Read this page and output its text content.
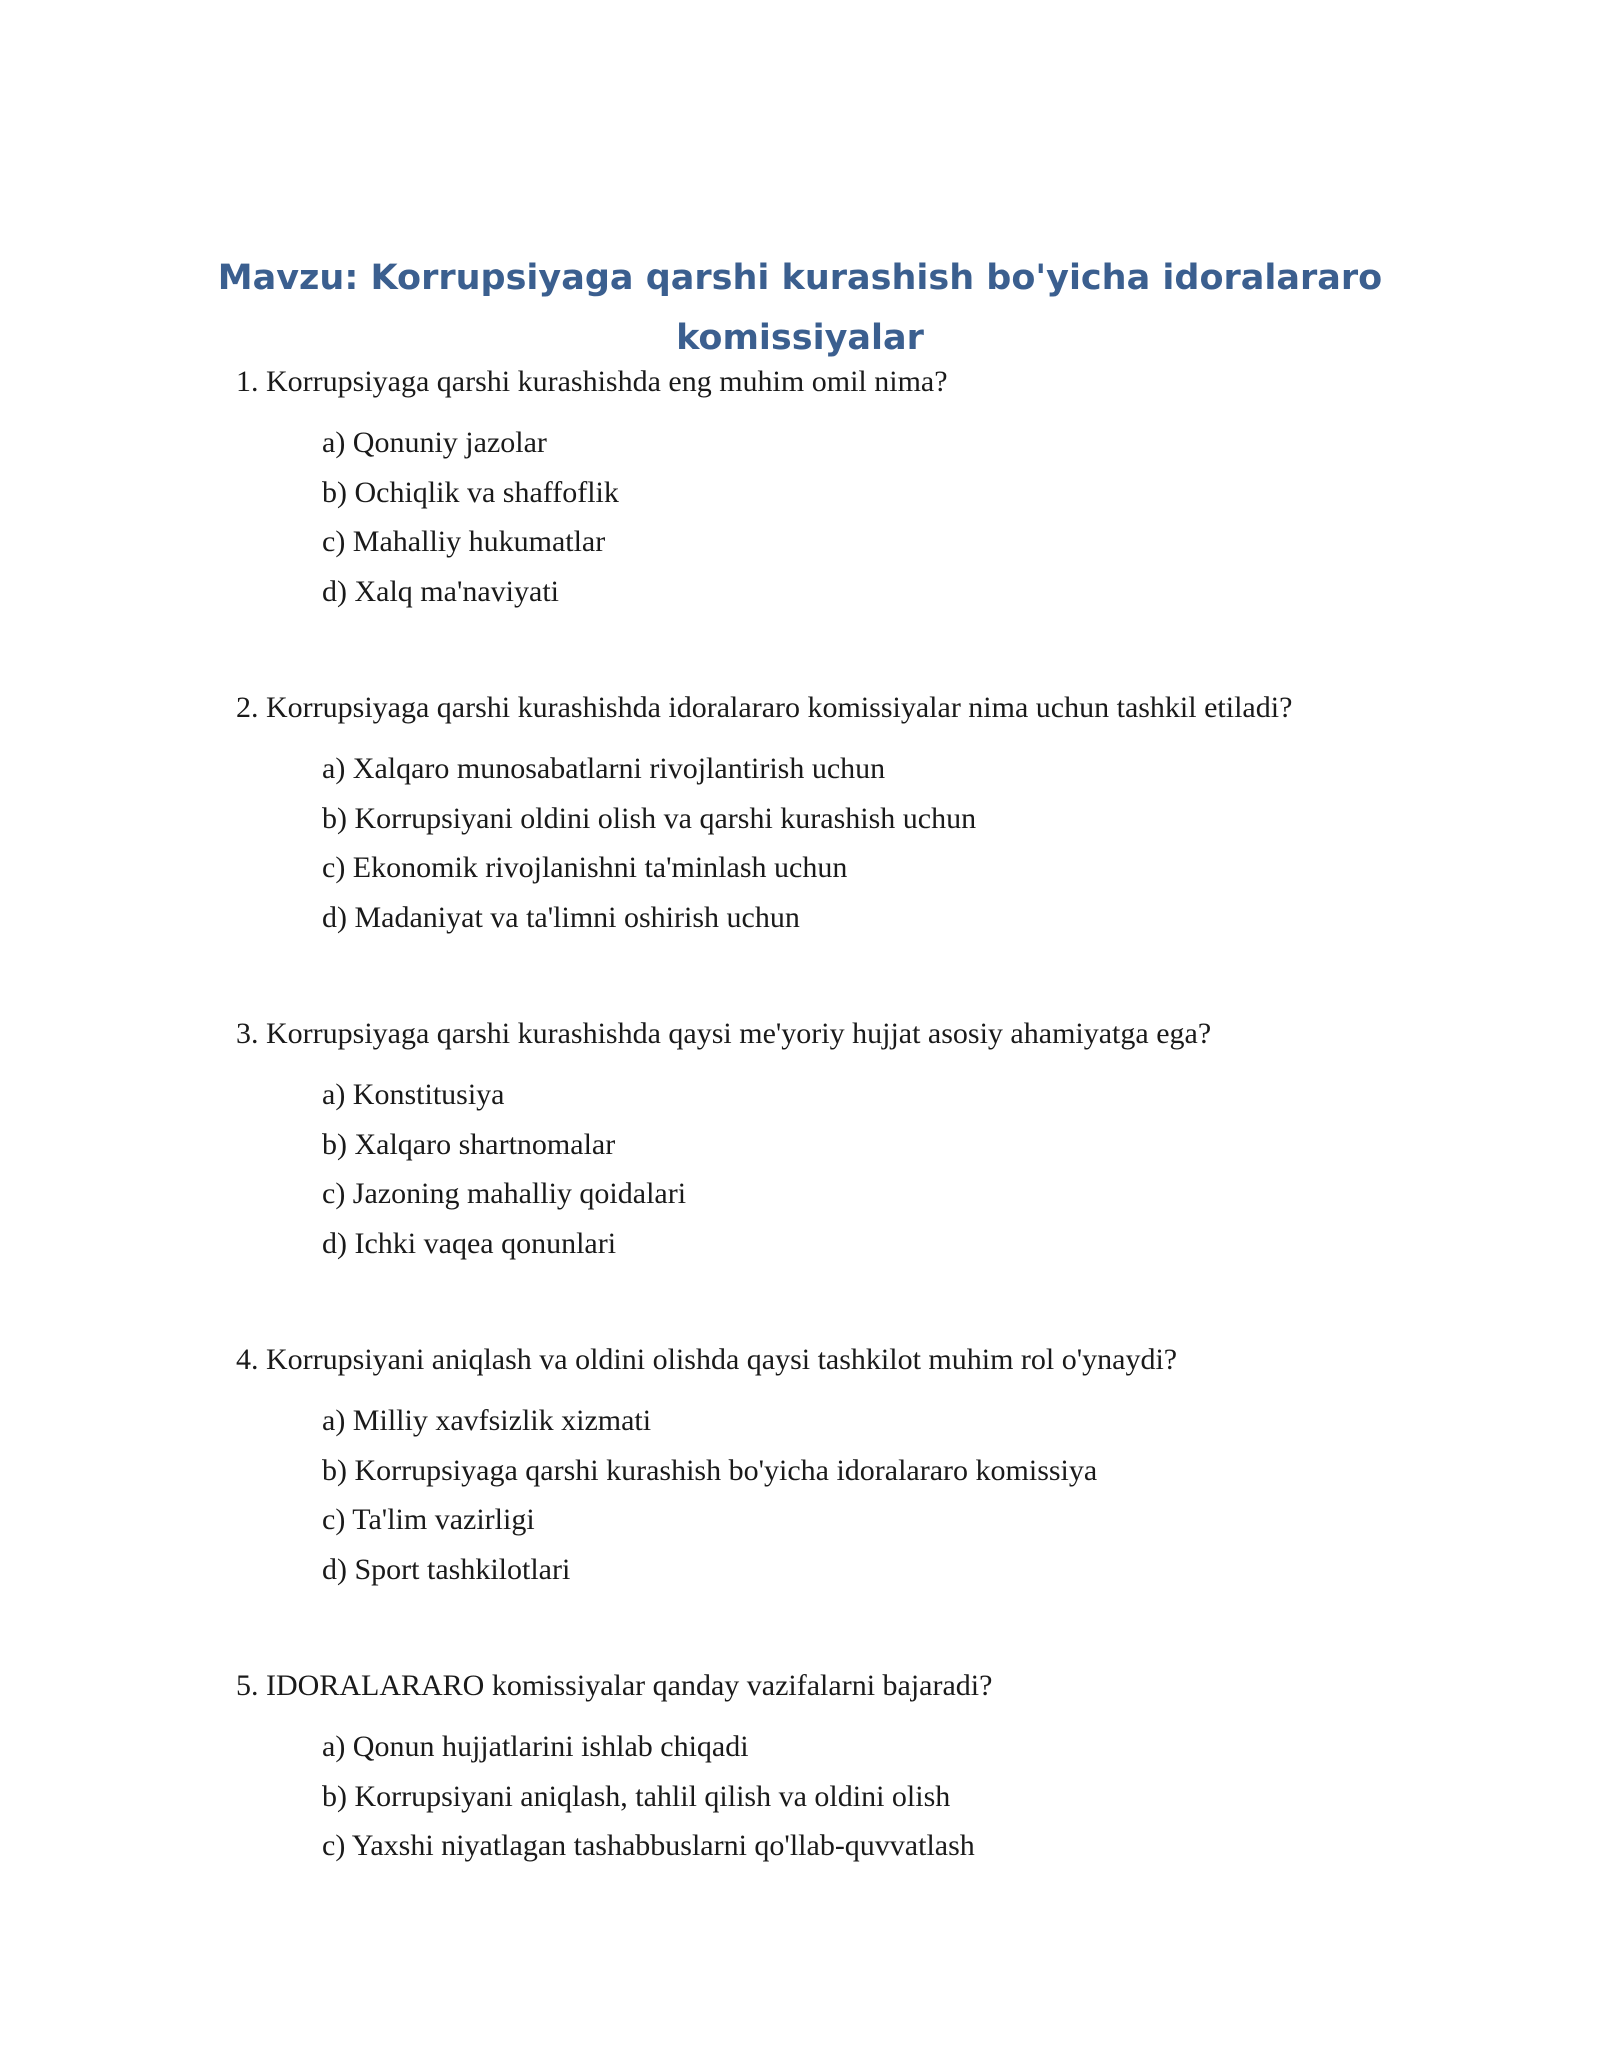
Mavzu: Korrupsiyaga qarshi kurashish bo'yicha idoralararo
komissiyalar
1. Korrupsiyaga qarshi kurashishda eng muhim omil nima?
a) Qonuniy jazolar
b) Ochiqlik va shaffoflik
c) Mahalliy hukumatlar
d) Xalq ma'naviyati
2. Korrupsiyaga qarshi kurashishda idoralararo komissiyalar nima uchun tashkil etiladi?
a) Xalqaro munosabatlarni rivojlantirish uchun
b) Korrupsiyani oldini olish va qarshi kurashish uchun
c) Ekonomik rivojlanishni ta'minlash uchun
d) Madaniyat va ta'limni oshirish uchun
3. Korrupsiyaga qarshi kurashishda qaysi me'yoriy hujjat asosiy ahamiyatga ega?
a) Konstitusiya
b) Xalqaro shartnomalar
c) Jazoning mahalliy qoidalari
d) Ichki vaqea qonunlari
4. Korrupsiyani aniqlash va oldini olishda qaysi tashkilot muhim rol o'ynaydi?
a) Milliy xavfsizlik xizmati
b) Korrupsiyaga qarshi kurashish bo'yicha idoralararo komissiya
c) Ta'lim vazirligi
d) Sport tashkilotlari
5. IDORALARARO komissiyalar qanday vazifalarni bajaradi?
a) Qonun hujjatlarini ishlab chiqadi
b) Korrupsiyani aniqlash, tahlil qilish va oldini olish
c) Yaxshi niyatlagan tashabbuslarni qo'llab-quvvatlash
